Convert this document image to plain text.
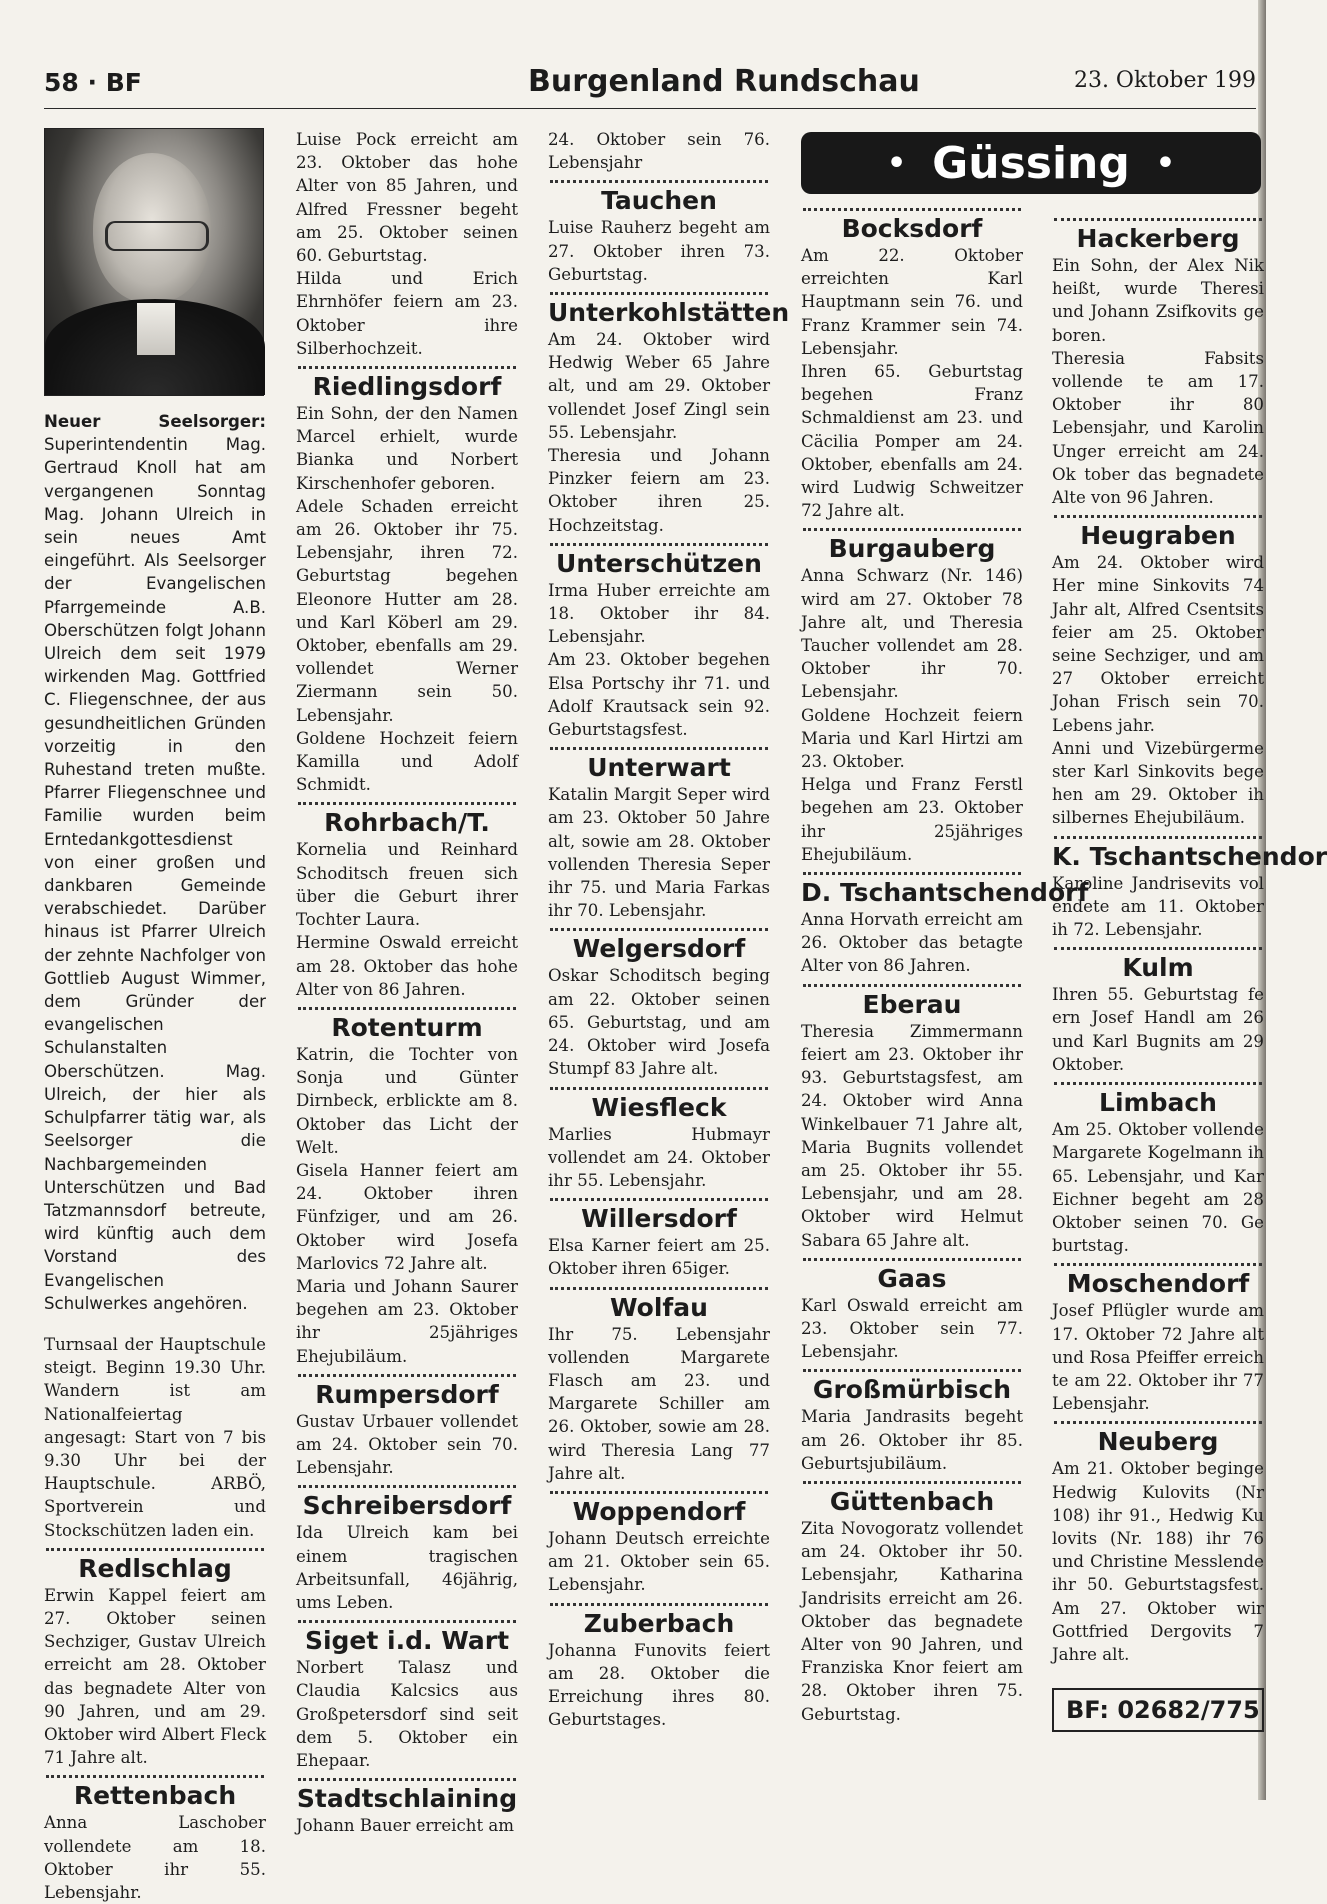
58 · BF	Burgenland Rundschau	23. Oktober 199
Neuer Seelsorger: Superintendentin Mag. Gertraud Knoll hat am vergangenen Sonntag Mag. Johann Ulreich in sein neues Amt eingeführt. Als Seelsorger der Evangelischen Pfarrgemeinde A.B. Oberschützen folgt Johann Ulreich dem seit 1979 wirkenden Mag. Gottfried C. Fliegenschnee, der aus gesundheitlichen Gründen vorzeitig in den Ruhestand treten mußte. Pfarrer Fliegenschnee und Familie wurden beim Erntedankgottesdienst von einer großen und dankbaren Gemeinde verabschiedet. Darüber hinaus ist Pfarrer Ulreich der zehnte Nachfolger von Gottlieb August Wimmer, dem Gründer der evangelischen Schulanstalten Oberschützen. Mag. Ulreich, der hier als Schulpfarrer tätig war, als Seelsorger die Nachbargemeinden Unterschützen und Bad Tatzmannsdorf betreute, wird künftig auch dem Vorstand des Evangelischen Schulwerkes angehören.

Turnsaal der Hauptschule steigt. Beginn 19.30 Uhr. Wandern ist am Nationalfeiertag angesagt: Start von 7 bis 9.30 Uhr bei der Hauptschule. ARBÖ, Sportverein und Stockschützen laden ein.

Redlschlag

Erwin Kappel feiert am 27. Oktober seinen Sechziger, Gustav Ulreich erreicht am 28. Oktober das begnadete Alter von 90 Jahren, und am 29. Oktober wird Albert Fleck 71 Jahre alt.

Rettenbach

Anna Laschober vollendete am 18. Oktober ihr 55. Lebensjahr.

Luise Pock erreicht am 23. Oktober das hohe Alter von 85 Jahren, und Alfred Fressner begeht am 25. Oktober seinen 60. Geburtstag.

Hilda und Erich Ehrnhöfer feiern am 23. Oktober ihre Silberhochzeit.

Riedlingsdorf

Ein Sohn, der den Namen Marcel erhielt, wurde Bianka und Norbert Kirschenhofer geboren.

Adele Schaden erreicht am 26. Oktober ihr 75. Lebensjahr, ihren 72. Geburtstag begehen Eleonore Hutter am 28. und Karl Köberl am 29. Oktober, ebenfalls am 29. vollendet Werner Ziermann sein 50. Lebensjahr.

Goldene Hochzeit feiern Kamilla und Adolf Schmidt.

Rohrbach/T.

Kornelia und Reinhard Schoditsch freuen sich über die Geburt ihrer Tochter Laura.

Hermine Oswald erreicht am 28. Oktober das hohe Alter von 86 Jahren.

Rotenturm

Katrin, die Tochter von Sonja und Günter Dirnbeck, erblickte am 8. Oktober das Licht der Welt.

Gisela Hanner feiert am 24. Oktober ihren Fünfziger, und am 26. Oktober wird Josefa Marlovics 72 Jahre alt.

Maria und Johann Saurer begehen am 23. Oktober ihr 25jähriges Ehejubiläum.

Rumpersdorf

Gustav Urbauer vollendet am 24. Oktober sein 70. Lebensjahr.

Schreibersdorf

Ida Ulreich kam bei einem tragischen Arbeitsunfall, 46jährig, ums Leben.

Siget i.d. Wart

Norbert Talasz und Claudia Kalcsics aus Großpetersdorf sind seit dem 5. Oktober ein Ehepaar.

Stadtschlaining

Johann Bauer erreicht am

24. Oktober sein 76. Lebensjahr

Tauchen

Luise Rauherz begeht am 27. Oktober ihren 73. Geburtstag.

Unterkohlstätten

Am 24. Oktober wird Hedwig Weber 65 Jahre alt, und am 29. Oktober vollendet Josef Zingl sein 55. Lebensjahr.

Theresia und Johann Pinzker feiern am 23. Oktober ihren 25. Hochzeitstag.

Unterschützen

Irma Huber erreichte am 18. Oktober ihr 84. Lebensjahr.

Am 23. Oktober begehen Elsa Portschy ihr 71. und Adolf Krautsack sein 92. Geburtstagsfest.

Unterwart

Katalin Margit Seper wird am 23. Oktober 50 Jahre alt, sowie am 28. Oktober vollenden Theresia Seper ihr 75. und Maria Farkas ihr 70. Lebensjahr.

Welgersdorf

Oskar Schoditsch beging am 22. Oktober seinen 65. Geburtstag, und am 24. Oktober wird Josefa Stumpf 83 Jahre alt.

Wiesfleck

Marlies Hubmayr vollendet am 24. Oktober ihr 55. Lebensjahr.

Willersdorf

Elsa Karner feiert am 25. Oktober ihren 65iger.

Wolfau

Ihr 75. Lebensjahr vollenden Margarete Flasch am 23. und Margarete Schiller am 26. Oktober, sowie am 28. wird Theresia Lang 77 Jahre alt.

Woppendorf

Johann Deutsch erreichte am 21. Oktober sein 65. Lebensjahr.

Zuberbach

Johanna Funovits feiert am 28. Oktober die Erreichung ihres 80. Geburtstages.

• Güssing •
Bocksdorf

Am 22. Oktober erreichten Karl Hauptmann sein 76. und Franz Krammer sein 74. Lebensjahr.

Ihren 65. Geburtstag begehen Franz Schmaldienst am 23. und Cäcilia Pomper am 24. Oktober, ebenfalls am 24. wird Ludwig Schweitzer 72 Jahre alt.

Burgauberg

Anna Schwarz (Nr. 146) wird am 27. Oktober 78 Jahre alt, und Theresia Taucher vollendet am 28. Oktober ihr 70. Lebensjahr.

Goldene Hochzeit feiern Maria und Karl Hirtzi am 23. Oktober.

Helga und Franz Ferstl begehen am 23. Oktober ihr 25jähriges Ehejubiläum.

D. Tschantschendorf

Anna Horvath erreicht am 26. Oktober das betagte Alter von 86 Jahren.

Eberau

Theresia Zimmermann feiert am 23. Oktober ihr 93. Geburtstagsfest, am 24. Oktober wird Anna Winkelbauer 71 Jahre alt, Maria Bugnits vollendet am 25. Oktober ihr 55. Lebensjahr, und am 28. Oktober wird Helmut Sabara 65 Jahre alt.

Gaas

Karl Oswald erreicht am 23. Oktober sein 77. Lebensjahr.

Großmürbisch

Maria Jandrasits begeht am 26. Oktober ihr 85. Geburtsjubiläum.

Güttenbach

Zita Novogoratz vollendet am 24. Oktober ihr 50. Lebensjahr, Katharina Jandrisits erreicht am 26. Oktober das begnadete Alter von 90 Jahren, und Franziska Knor feiert am 28. Oktober ihren 75. Geburtstag.

Hackerberg

Ein Sohn, der Alex Nik heißt, wurde Theresi und Johann Zsifkovits ge boren.

Theresia Fabsits vollende te am 17. Oktober ihr 80 Lebensjahr, und Karolin Unger erreicht am 24. Ok tober das begnadete Alte von 96 Jahren.

Heugraben

Am 24. Oktober wird Her mine Sinkovits 74 Jahr alt, Alfred Csentsits feier am 25. Oktober seine Sechziger, und am 27 Oktober erreicht Johan Frisch sein 70. Lebens jahr.

Anni und Vizebürgerme ster Karl Sinkovits bege hen am 29. Oktober ih silbernes Ehejubiläum.

K. Tschantschendor

Karoline Jandrisevits vol endete am 11. Oktober ih 72. Lebensjahr.

Kulm

Ihren 55. Geburtstag fe ern Josef Handl am 26 und Karl Bugnits am 29 Oktober.

Limbach

Am 25. Oktober vollende Margarete Kogelmann ih 65. Lebensjahr, und Kar Eichner begeht am 28 Oktober seinen 70. Ge burtstag.

Moschendorf

Josef Pflügler wurde am 17. Oktober 72 Jahre alt und Rosa Pfeiffer erreich te am 22. Oktober ihr 77 Lebensjahr.

Neuberg

Am 21. Oktober beginge Hedwig Kulovits (Nr 108) ihr 91., Hedwig Ku lovits (Nr. 188) ihr 76 und Christine Messlende ihr 50. Geburtstagsfest. Am 27. Oktober wir Gottfried Dergovits 7 Jahre alt.

BF: 02682/775
